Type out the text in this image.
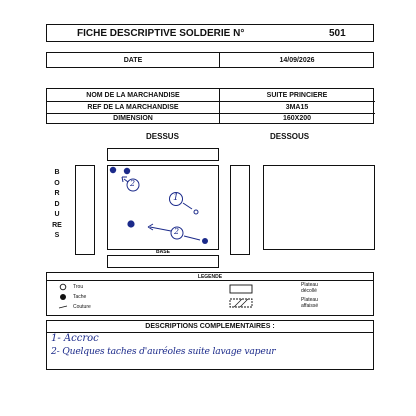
FICHE DESCRIPTIVE SOLDERIE N°	501
DATE	14/09/2026
NOM DE LA MARCHANDISE	SUITE PRINCIERE
REF DE LA MARCHANDISE	3MA15
DIMENSION	160X200
DESSUS	DESSOUS
BORDURES
BASE
2
1
2
LEGENDE
Trou
Tache
Couture
Plateau décollé
Plateau affaissé
DESCRIPTIONS COMPLEMENTAIRES :
1- Accroc
2- Quelques taches d'auréoles suite lavage vapeur
